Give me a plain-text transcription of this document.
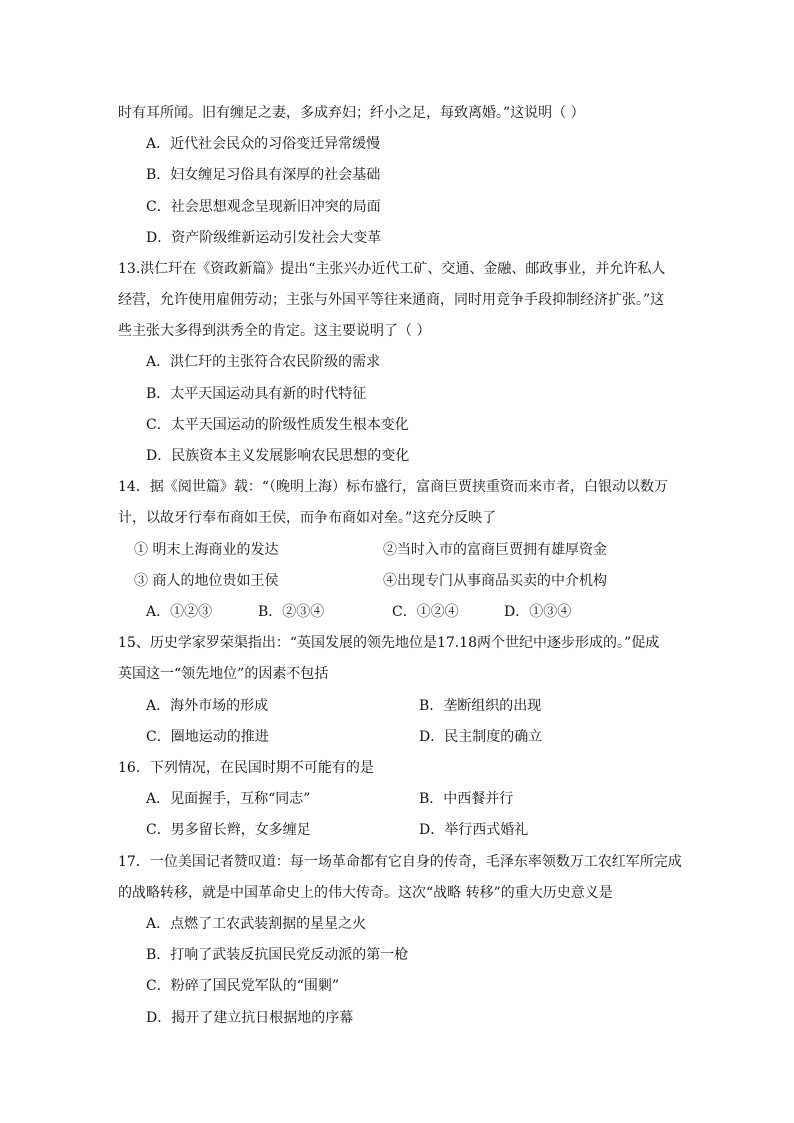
时有耳所闻。旧有缠足之妻，多成弃妇；纤小之足，每致离婚。”这说明（ ）
A．近代社会民众的习俗变迁异常缓慢
B．妇女缠足习俗具有深厚的社会基础
C．社会思想观念呈现新旧冲突的局面
D．资产阶级维新运动引发社会大变革
13.洪仁玕在《资政新篇》提出“主张兴办近代工矿、交通、金融、邮政事业，并允许私人
经营，允许使用雇佣劳动；主张与外国平等往来通商，同时用竞争手段抑制经济扩张。”这
些主张大多得到洪秀全的肯定。这主要说明了（ ）
A．洪仁玕的主张符合农民阶级的需求
B．太平天国运动具有新的时代特征
C．太平天国运动的阶级性质发生根本变化
D．民族资本主义发展影响农民思想的变化
14．据《阅世篇》载：“（晚明上海）标布盛行，富商巨贾挟重资而来市者，白银动以数万
计，以故牙行奉布商如王侯，而争布商如对垒。”这充分反映了
① 明末上海商业的发达	②当时入市的富商巨贾拥有雄厚资金
③ 商人的地位贵如王侯	④出现专门从事商品买卖的中介机构
A．①②③	B．②③④	C．①②④	D．①③④
15、历史学家罗荣渠指出：“英国发展的领先地位是17.18两个世纪中逐步形成的。”促成
英国这一“领先地位”的因素不包括
A．海外市场的形成	B．垄断组织的出现
C．圈地运动的推进	D．民主制度的确立
16．下列情况，在民国时期不可能有的是
A．见面握手，互称“同志”	B．中西餐并行
C．男多留长辫，女多缠足	D．举行西式婚礼
17．一位美国记者赞叹道：每一场革命都有它自身的传奇，毛泽东率领数万工农红军所完成
的战略转移，就是中国革命史上的伟大传奇。这次“战略 转移”的重大历史意义是
A．点燃了工农武装割据的星星之火
B．打响了武装反抗国民党反动派的第一枪
C．粉碎了国民党军队的“围剿”
D．揭开了建立抗日根据地的序幕
